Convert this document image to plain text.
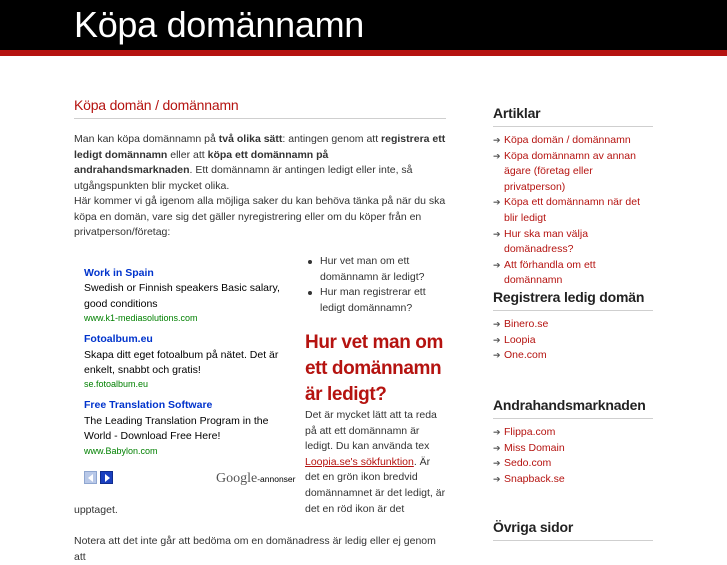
Köpa domännamn
Köpa domän / domännamn

Man kan köpa domännamn på två olika sätt: antingen genom att registrera ett ledigt domännamn eller att köpa ett domännamn på andrahandsmarknaden. Ett domännamn är antingen ledigt eller inte, så utgångspunkten blir mycket olika.

Här kommer vi gå igenom alla möjliga saker du kan behöva tänka på när du ska köpa en domän, vare sig det gäller nyregistrering eller om du köper från en privatperson/företag:

Work in Spain
Swedish or Finnish speakers Basic salary, good conditions
www.k1-mediasolutions.com
Fotoalbum.eu
Skapa ditt eget fotoalbum på nätet. Det är enkelt, snabbt och gratis!
se.fotoalbum.eu
Free Translation Software
The Leading Translation Program in the World - Download Free Here!
www.Babylon.com
Google-annonser
Hur vet man om ett domännamn är ledigt?
Hur man registrerar ett ledigt domännamn?
Hur vet man om ett domännamn är ledigt?

Det är mycket lätt att ta reda på att ett domännamn är ledigt. Du kan använda tex Loopia.se's sökfunktion. Är det en grön ikon bredvid domännamnet är det ledigt, är det en röd ikon är det

upptaget.

Notera att det inte går att bedöma om en domänadress är ledig eller ej genom att

Artiklar
➔ Köpa domän / domännamn
➔ Köpa domännamn av annan ägare (företag eller privatperson)
➔ Köpa ett domännamn när det blir ledigt
➔ Hur ska man välja domänadress?
➔ Att förhandla om ett domännamn
Registrera ledig domän
➔ Binero.se
➔ Loopia
➔ One.com
Andrahandsmarknaden
➔ Flippa.com
➔ Miss Domain
➔ Sedo.com
➔ Snapback.se
Övriga sidor
